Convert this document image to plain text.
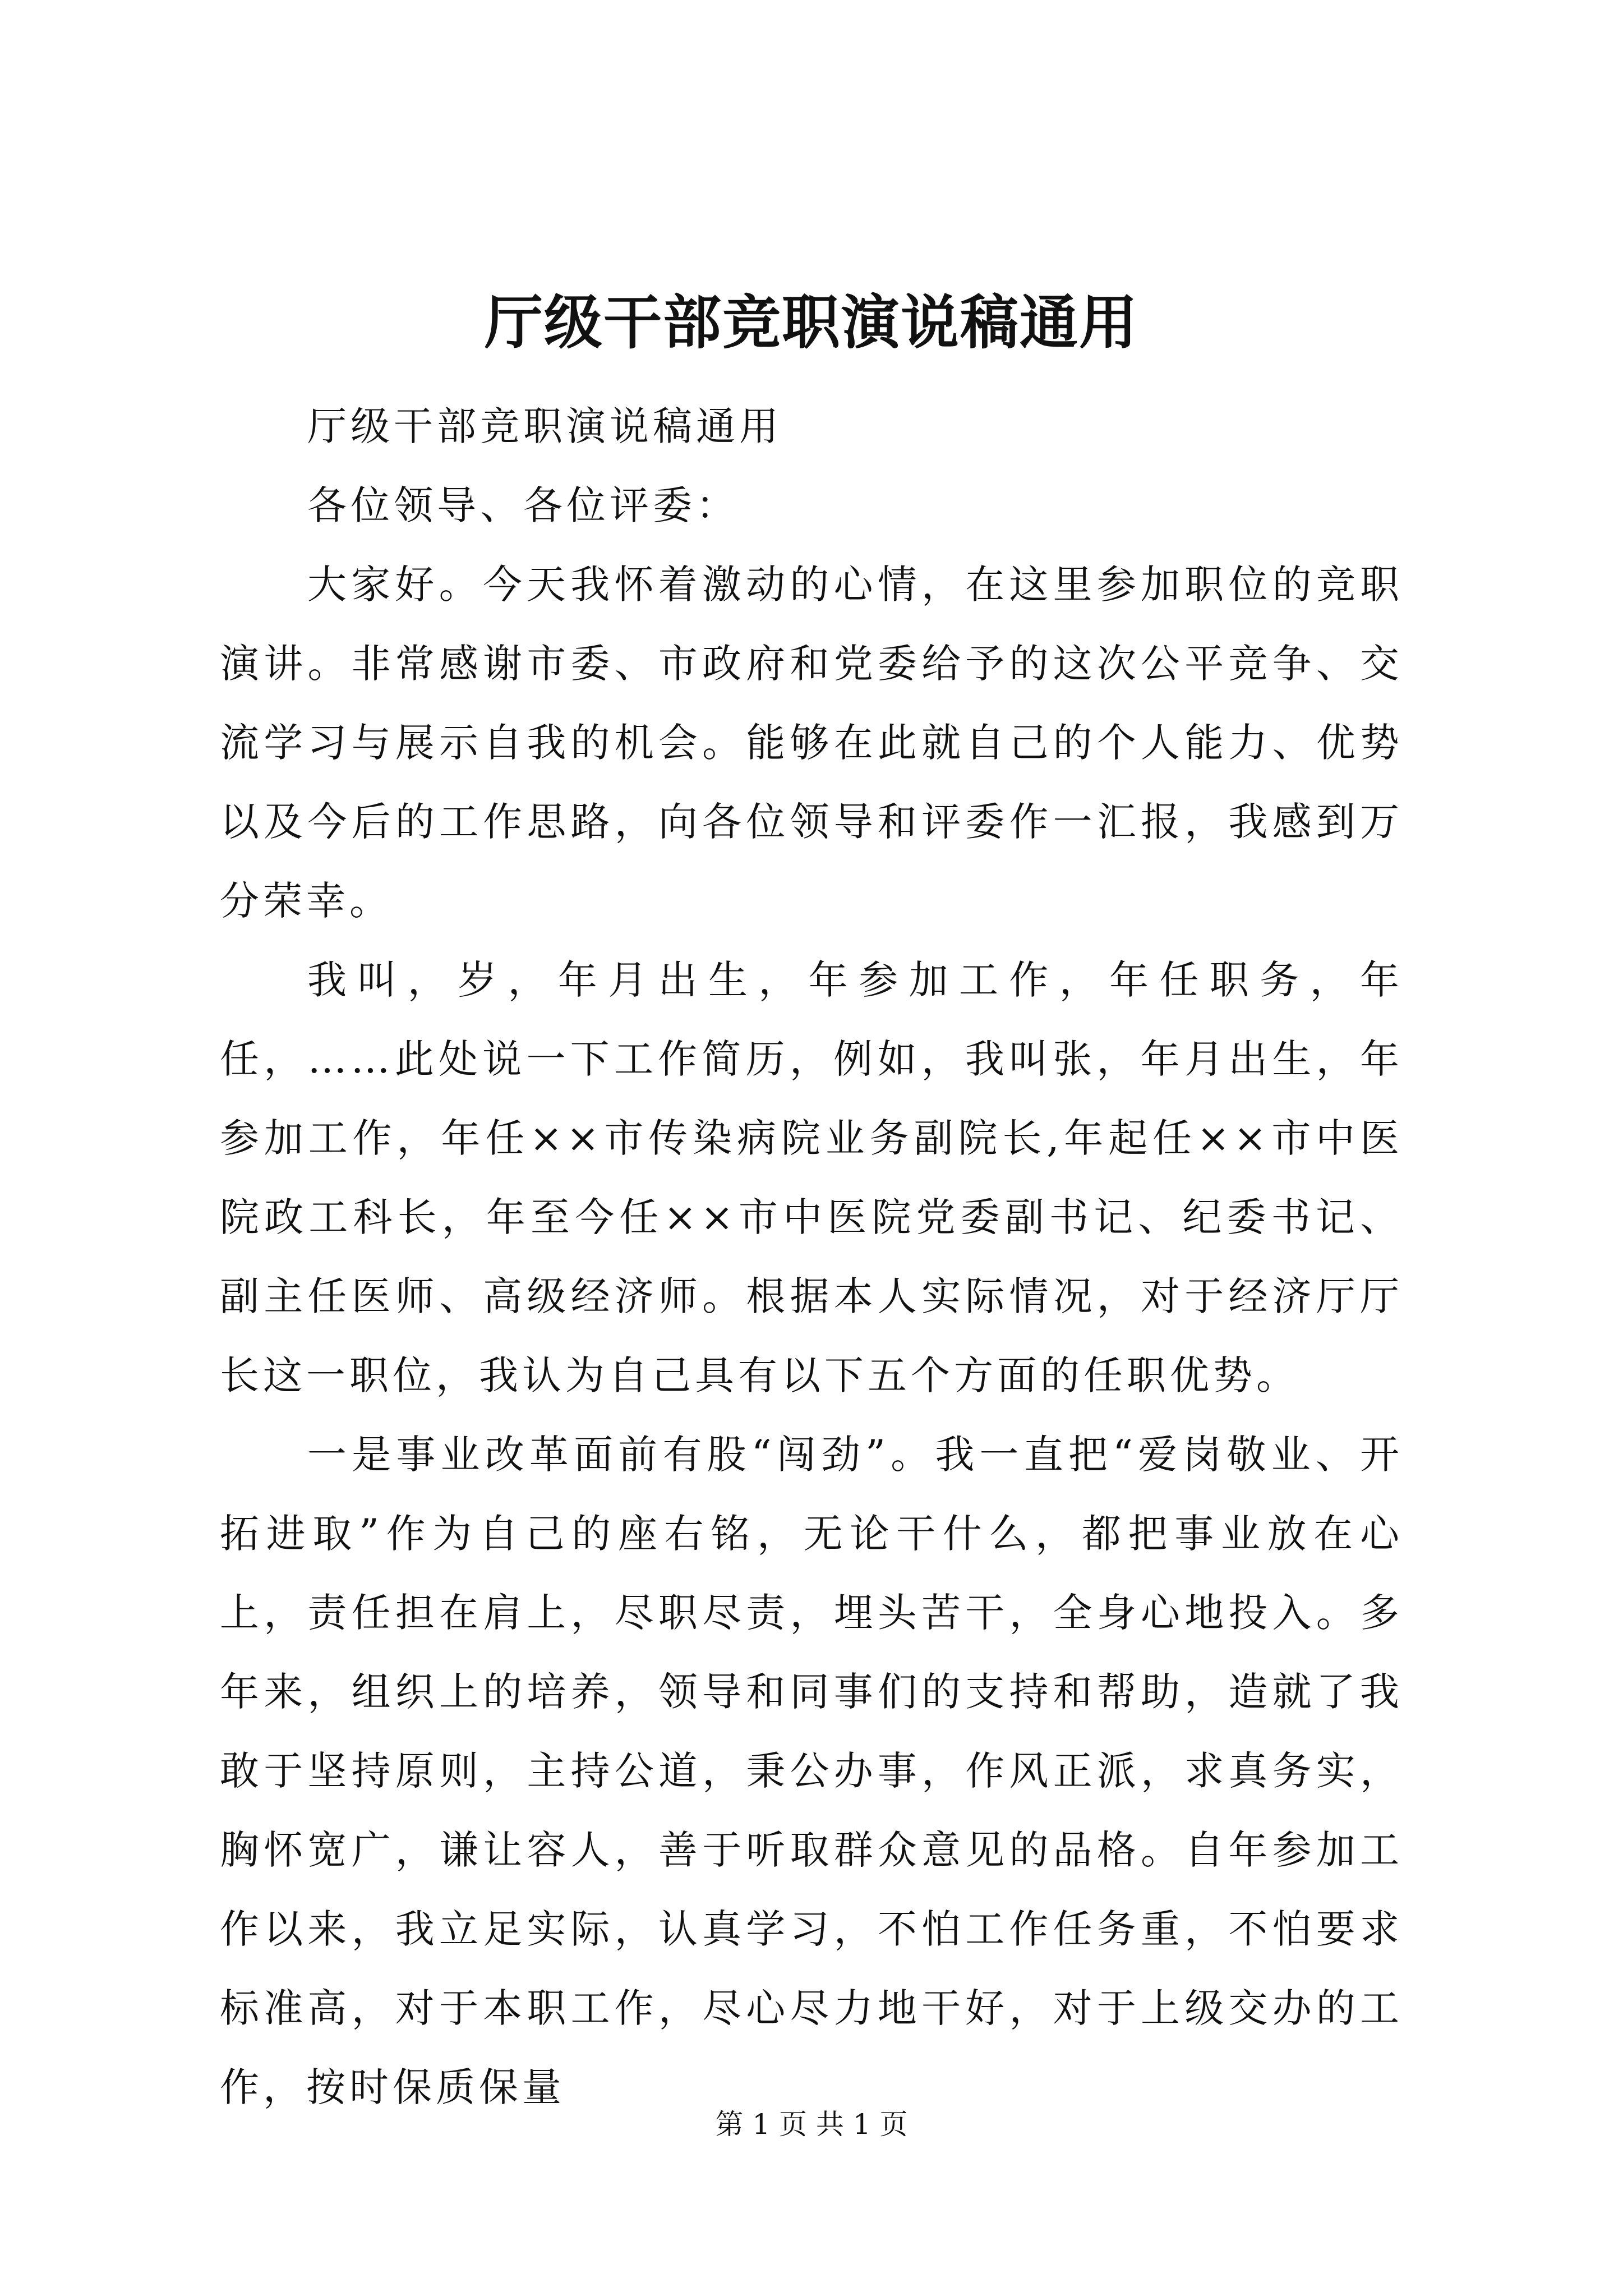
厅级干部竞职演说稿通用

厅级干部竞职演说稿通用

各位领导、各位评委：

大家好。今天我怀着激动的心情，在这里参加职位的竞职演讲。非常感谢市委、市政府和党委给予的这次公平竞争、交流学习与展示自我的机会。能够在此就自己的个人能力、优势以及今后的工作思路，向各位领导和评委作一汇报，我感到万分荣幸。

我叫，岁，年月出生，年参加工作，年任职务，年任，……此处说一下工作简历，例如，我叫张，年月出生，年参加工作，年任××市传染病院业务副院长,年起任××市中医院政工科长，年至今任××市中医院党委副书记、纪委书记、副主任医师、高级经济师。根据本人实际情况，对于经济厅厅长这一职位，我认为自己具有以下五个方面的任职优势。

一是事业改革面前有股“闯劲”。我一直把“爱岗敬业、开拓进取”作为自己的座右铭，无论干什么，都把事业放在心上，责任担在肩上，尽职尽责，埋头苦干，全身心地投入。多年来，组织上的培养，领导和同事们的支持和帮助，造就了我敢于坚持原则，主持公道，秉公办事，作风正派，求真务实，胸怀宽广，谦让容人，善于听取群众意见的品格。自年参加工作以来，我立足实际，认真学习，不怕工作任务重，不怕要求标准高，对于本职工作，尽心尽力地干好，对于上级交办的工作，按时保质保量

第 1 页 共 1 页
